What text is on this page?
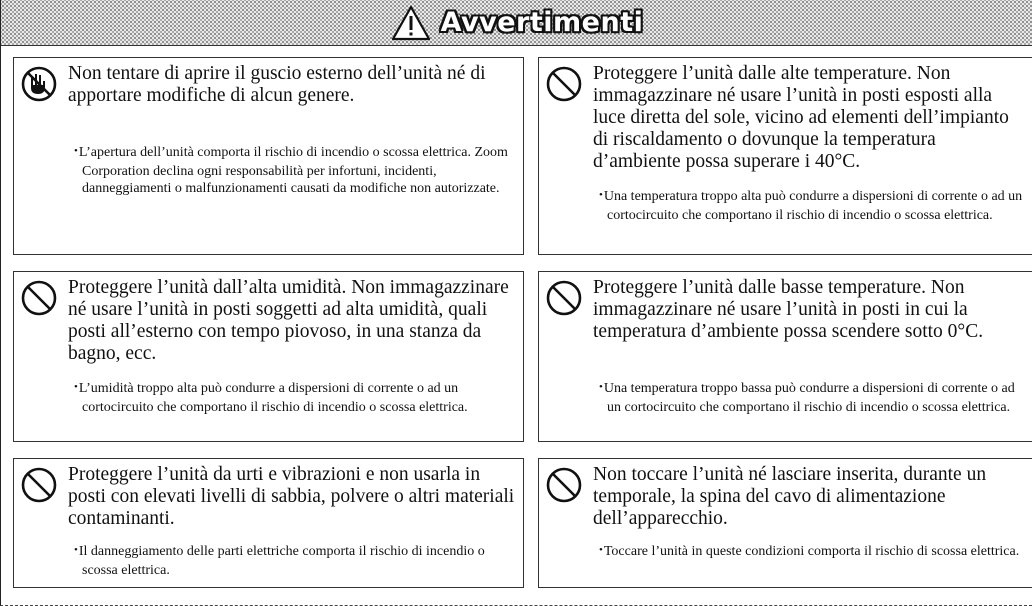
Avvertimenti
Non tentare di aprire il guscio esterno dell’unità né di apportare modifiche di alcun genere.
•L’apertura dell’unità comporta il rischio di incendio o scossa elettrica. Zoom Corporation declina ogni responsabilità per infortuni, incidenti, danneggiamenti o malfunzionamenti causati da modifiche non autorizzate.
Proteggere l’unità dalle alte temperature. Non immagazzinare né usare l’unità in posti esposti alla luce diretta del sole, vicino ad elementi dell’impianto di riscaldamento o dovunque la temperatura d’ambiente possa superare i 40°C.
•Una temperatura troppo alta può condurre a dispersioni di corrente o ad un cortocircuito che comportano il rischio di incendio o scossa elettrica.
Proteggere l’unità dall’alta umidità. Non immagazzinare né usare l’unità in posti soggetti ad alta umidità, quali posti all’esterno con tempo piovoso, in una stanza da bagno, ecc.
•L’umidità troppo alta può condurre a dispersioni di corrente o ad un cortocircuito che comportano il rischio di incendio o scossa elettrica.
Proteggere l’unità dalle basse temperature. Non immagazzinare né usare l’unità in posti in cui la temperatura d’ambiente possa scendere sotto 0°C.
•Una temperatura troppo bassa può condurre a dispersioni di corrente o ad un cortocircuito che comportano il rischio di incendio o scossa elettrica.
Proteggere l’unità da urti e vibrazioni e non usarla in posti con elevati livelli di sabbia, polvere o altri materiali contaminanti.
•Il danneggiamento delle parti elettriche comporta il rischio di incendio o scossa elettrica.
Non toccare l’unità né lasciare inserita, durante un temporale, la spina del cavo di alimentazione dell’apparecchio.
•Toccare l’unità in queste condizioni comporta il rischio di scossa elettrica.
